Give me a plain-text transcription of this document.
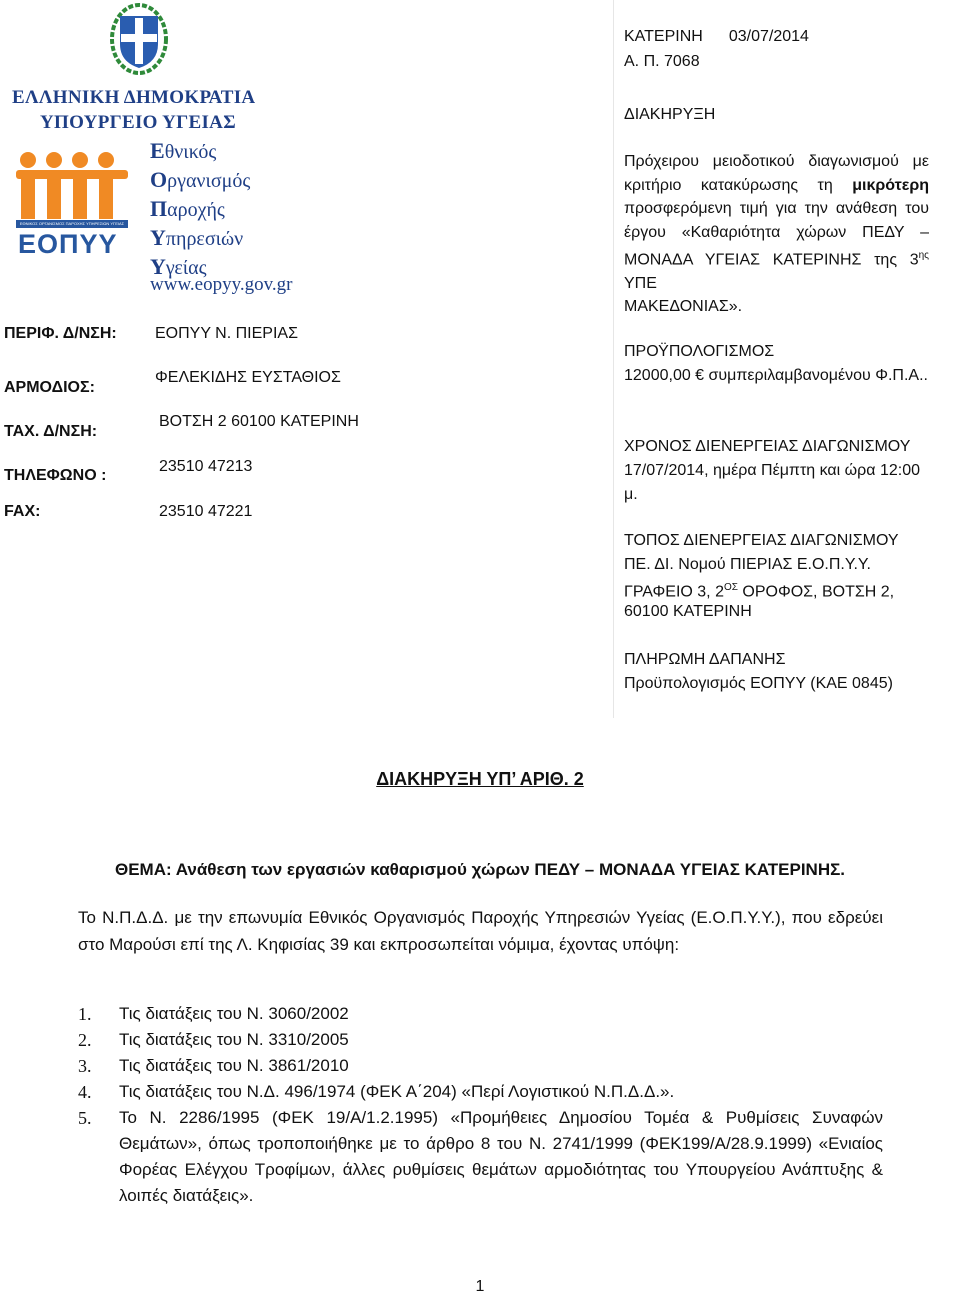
ΕΛΛΗΝΙΚΗ ΔΗΜΟΚΡΑΤΙΑ
ΥΠΟΥΡΓΕΙΟ ΥΓΕΙΑΣ
ΕΘΝΙΚΟΣ ΟΡΓΑΝΙΣΜΟΣ ΠΑΡΟΧΗΣ ΥΠΗΡΕΣΙΩΝ ΥΓΕΙΑΣ
ΕΟΠΥΥ
Εθνικός
Οργανισμός
Παροχής
Υπηρεσιών
Υγείας
www.eopyy.gov.gr
ΠΕΡΙΦ. Δ/ΝΣΗ: ΕΟΠΥΥ Ν. ΠΙΕΡΙΑΣ
ΑΡΜΟΔΙΟΣ:
ΦΕΛΕΚΙΔΗΣ ΕΥΣΤΑΘΙΟΣ
ΤΑΧ. Δ/ΝΣΗ:
ΒΟΤΣΗ 2 60100 ΚΑΤΕΡΙΝΗ
ΤΗΛΕΦΩΝΟ :
23510 47213
FAX:	23510 47221
ΚΑΤΕΡΙΝΗ 03/07/2014
Α. Π. 7068
ΔΙΑΚΗΡΥΞΗ
Πρόχειρου μειοδοτικού διαγωνισμού με κριτήριο κατακύρωσης τη μικρότερη προσφερόμενη τιμή για την ανάθεση του έργου «Καθαριότητα χώρων ΠΕΔΥ – ΜΟΝΑΔΑ ΥΓΕΙΑΣ ΚΑΤΕΡΙΝΗΣ της $3^{\eta\varsigma}$ ΥΠΕ
ΜΑΚΕΔΟΝΙΑΣ».
ΠΡΟΫΠΟΛΟΓΙΣΜΟΣ
12000,00 € συμπεριλαμβανομένου Φ.Π.Α..
ΧΡΟΝΟΣ ΔΙΕΝΕΡΓΕΙΑΣ ΔΙΑΓΩΝΙΣΜΟΥ
17/07/2014, ημέρα Πέμπτη και ώρα 12:00 μ.
ΤΟΠΟΣ ΔΙΕΝΕΡΓΕΙΑΣ ΔΙΑΓΩΝΙΣΜΟΥ
ΠΕ. ΔΙ. Νομού ΠΙΕΡΙΑΣ Ε.Ο.Π.Υ.Υ.
ΓΡΑΦΕΙΟ 3, $2^{O\Sigma}$ ΟΡΟΦΟΣ, ΒΟΤΣΗ 2,
60100 ΚΑΤΕΡΙΝΗ
ΠΛΗΡΩΜΗ ΔΑΠΑΝΗΣ
Προϋπολογισμός ΕΟΠΥΥ (ΚΑΕ 0845)
ΔΙΑΚΗΡΥΞΗ ΥΠ’ ΑΡΙΘ. 2
ΘΕΜΑ: Ανάθεση των εργασιών καθαρισμού χώρων ΠΕΔΥ – ΜΟΝΑΔΑ ΥΓΕΙΑΣ ΚΑΤΕΡΙΝΗΣ.
Το Ν.Π.Δ.Δ. με την επωνυμία Εθνικός Οργανισμός Παροχής Υπηρεσιών Υγείας (Ε.Ο.Π.Υ.Υ.), που εδρεύει στο Μαρούσι επί της Λ. Κηφισίας 39 και εκπροσωπείται νόμιμα, έχοντας υπόψη:
1.	Τις διατάξεις του Ν. 3060/2002
2.	Τις διατάξεις του Ν. 3310/2005
3.	Τις διατάξεις του Ν. 3861/2010
4.	Τις διατάξεις του Ν.Δ. 496/1974 (ΦΕΚ Α΄204) «Περί Λογιστικού Ν.Π.Δ.Δ.».
5.	Το Ν. 2286/1995 (ΦΕΚ 19/Α/1.2.1995) «Προμήθειες Δημοσίου Τομέα & Ρυθμίσεις Συναφών Θεμάτων», όπως τροποποιήθηκε με το άρθρο 8 του Ν. 2741/1999 (ΦΕΚ199/Α/28.9.1999) «Ενιαίος Φορέας Ελέγχου Τροφίμων, άλλες ρυθμίσεις θεμάτων αρμοδιότητας του Υπουργείου Ανάπτυξης & λοιπές διατάξεις».
1
